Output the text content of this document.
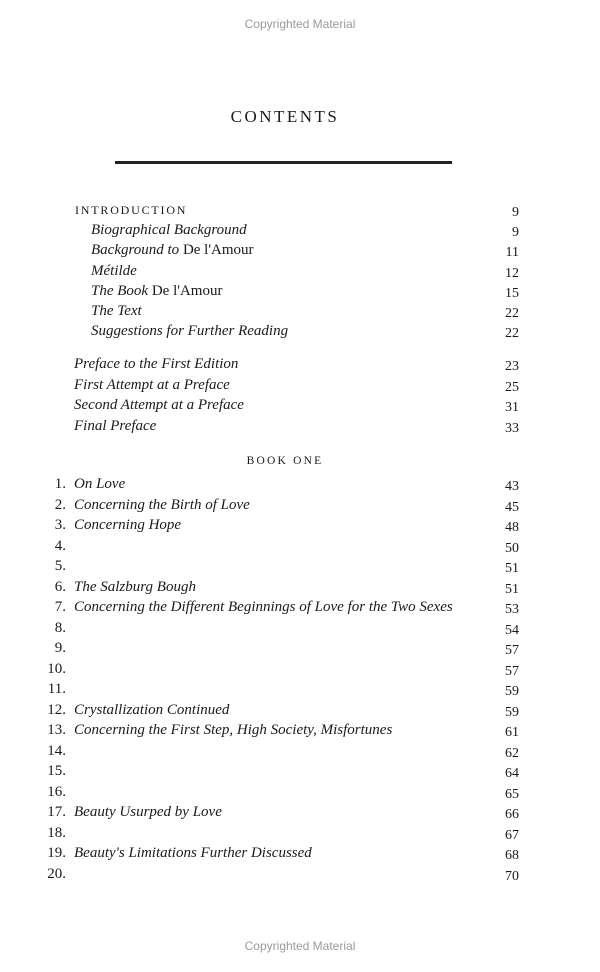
Copyrighted Material
CONTENTS
INTRODUCTION	9
Biographical Background	9
Background to De l'Amour	11
Métilde	12
The Book De l'Amour	15
The Text	22
Suggestions for Further Reading	22
Preface to the First Edition	23
First Attempt at a Preface	25
Second Attempt at a Preface	31
Final Preface	33
1. On Love	43
2. Concerning the Birth of Love	45
3. Concerning Hope	48
4.	50
5.	51
6. The Salzburg Bough	51
7. Concerning the Different Beginnings of Love for the Two Sexes	53
8.	54
9.	57
10.	57
11.	59
12. Crystallization Continued	59
13. Concerning the First Step, High Society, Misfortunes	61
14.	62
15.	64
16.	65
17. Beauty Usurped by Love	66
18.	67
19. Beauty's Limitations Further Discussed	68
20.	70
BOOK ONE
Copyrighted Material
